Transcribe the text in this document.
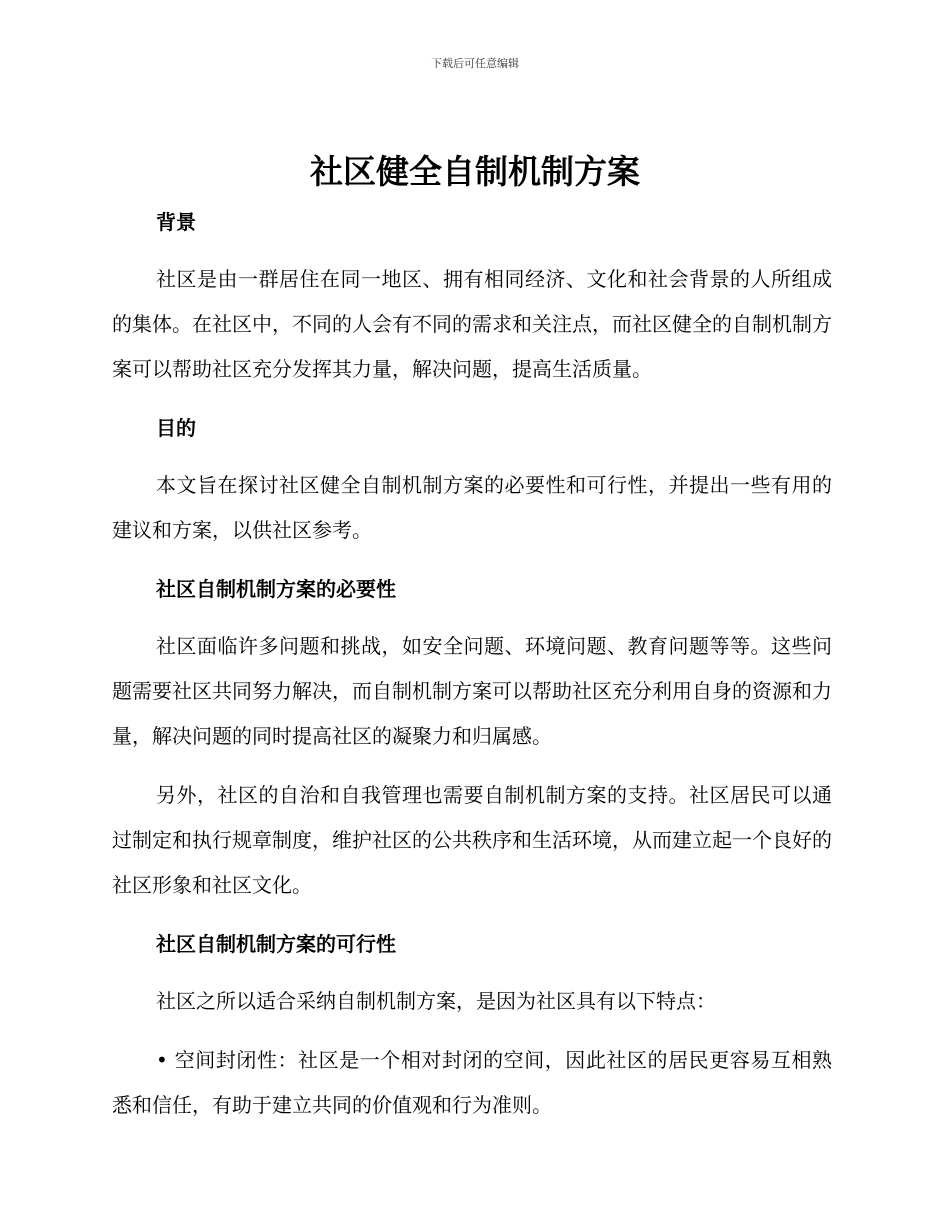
下载后可任意编辑
社区健全自制机制方案
背景

社区是由一群居住在同一地区、拥有相同经济、文化和社会背景的人所组成的集体。在社区中，不同的人会有不同的需求和关注点，而社区健全的自制机制方案可以帮助社区充分发挥其力量，解决问题，提高生活质量。

目的

本文旨在探讨社区健全自制机制方案的必要性和可行性，并提出一些有用的建议和方案，以供社区参考。

社区自制机制方案的必要性

社区面临许多问题和挑战，如安全问题、环境问题、教育问题等等。这些问题需要社区共同努力解决，而自制机制方案可以帮助社区充分利用自身的资源和力量，解决问题的同时提高社区的凝聚力和归属感。

另外，社区的自治和自我管理也需要自制机制方案的支持。社区居民可以通过制定和执行规章制度，维护社区的公共秩序和生活环境，从而建立起一个良好的社区形象和社区文化。

社区自制机制方案的可行性

社区之所以适合采纳自制机制方案，是因为社区具有以下特点：

• 空间封闭性：社区是一个相对封闭的空间，因此社区的居民更容易互相熟悉和信任，有助于建立共同的价值观和行为准则。
